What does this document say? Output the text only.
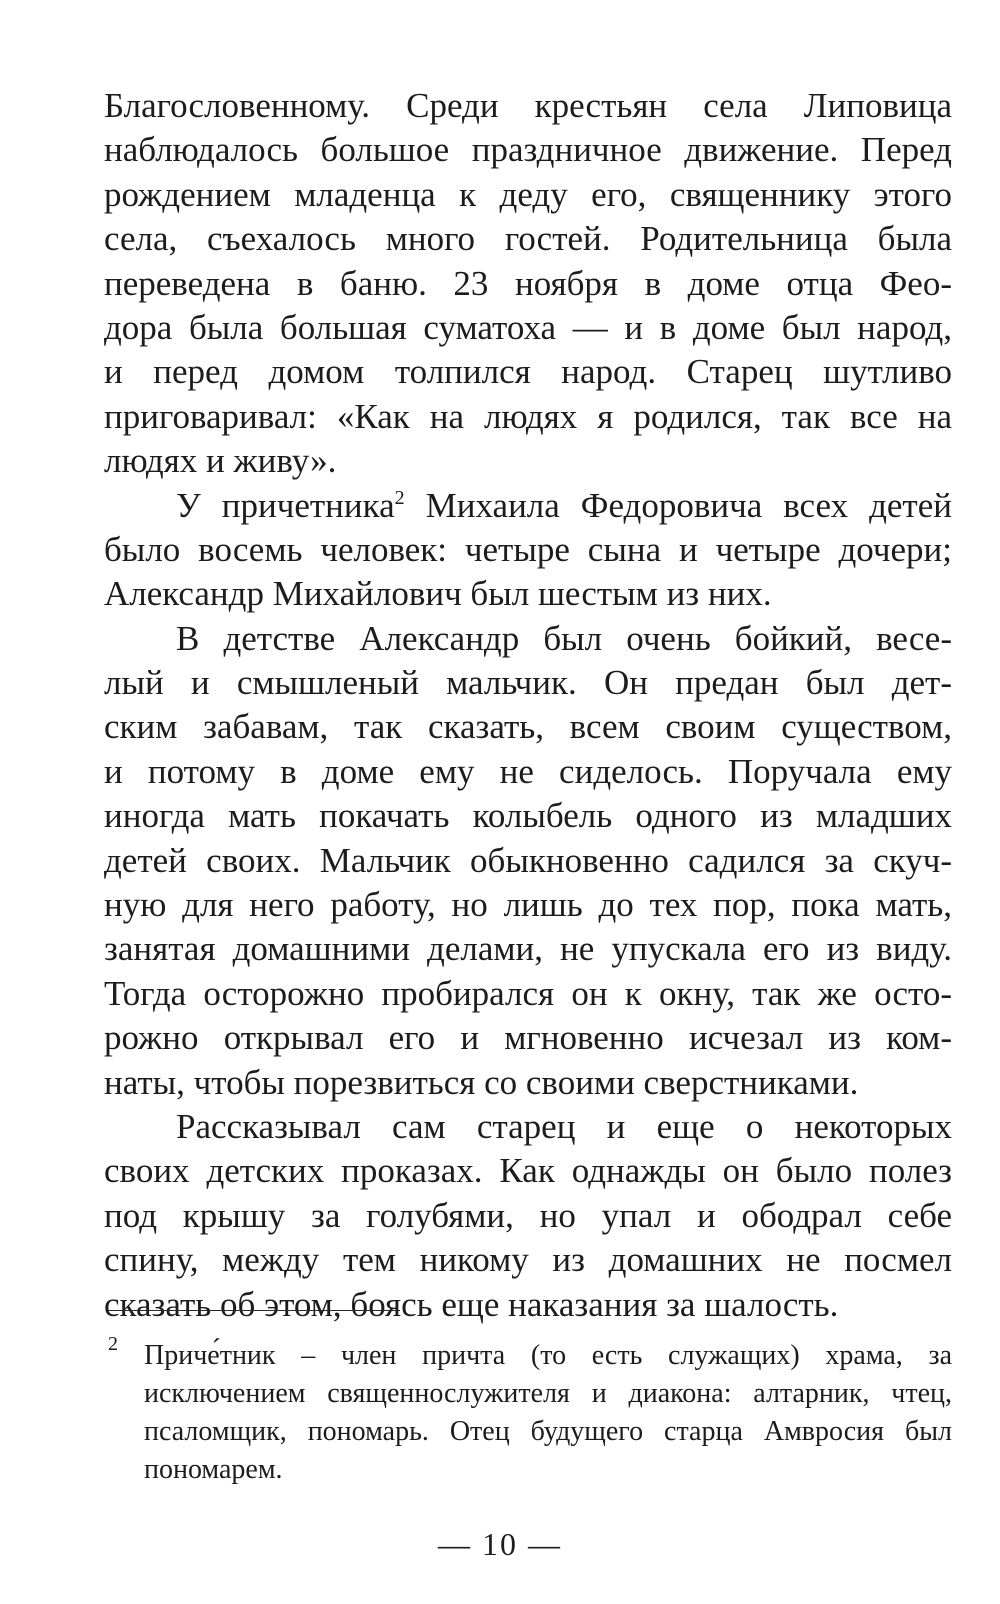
Благословенному. Среди крестьян села Липовица
наблюдалось большое праздничное движение. Перед
рождением младенца к деду его, священнику этого
села, съехалось много гостей. Родительница была
переведена в баню. 23 ноября в доме отца Фео-
дора была большая суматоха — и в доме был народ,
и перед домом толпился народ. Старец шутливо
приговаривал: «Как на людях я родился, так все на
людях и живу».
У причетника$^2$ Михаила Федоровича всех детей
было восемь человек: четыре сына и четыре дочери;
Александр Михайлович был шестым из них.
В детстве Александр был очень бойкий, весе-
лый и смышленый мальчик. Он предан был дет-
ским забавам, так сказать, всем своим существом,
и потому в доме ему не сиделось. Поручала ему
иногда мать покачать колыбель одного из младших
детей своих. Мальчик обыкновенно садился за скуч-
ную для него работу, но лишь до тех пор, пока мать,
занятая домашними делами, не упускала его из виду.
Тогда осторожно пробирался он к окну, так же осто-
рожно открывал его и мгновенно исчезал из ком-
наты, чтобы порезвиться со своими сверстниками.
Рассказывал сам старец и еще о некоторых
своих детских проказах. Как однажды он было полез
под крышу за голубями, но упал и ободрал себе
спину, между тем никому из домашних не посмел
сказать об этом, боясь еще наказания за шалость.
2 Приче́тник – член причта (то есть служащих) храма, за
исключением священнослужителя и диакона: алтарник, чтец,
псаломщик, пономарь. Отец будущего старца Амвросия был
пономарем.
— 10 —
